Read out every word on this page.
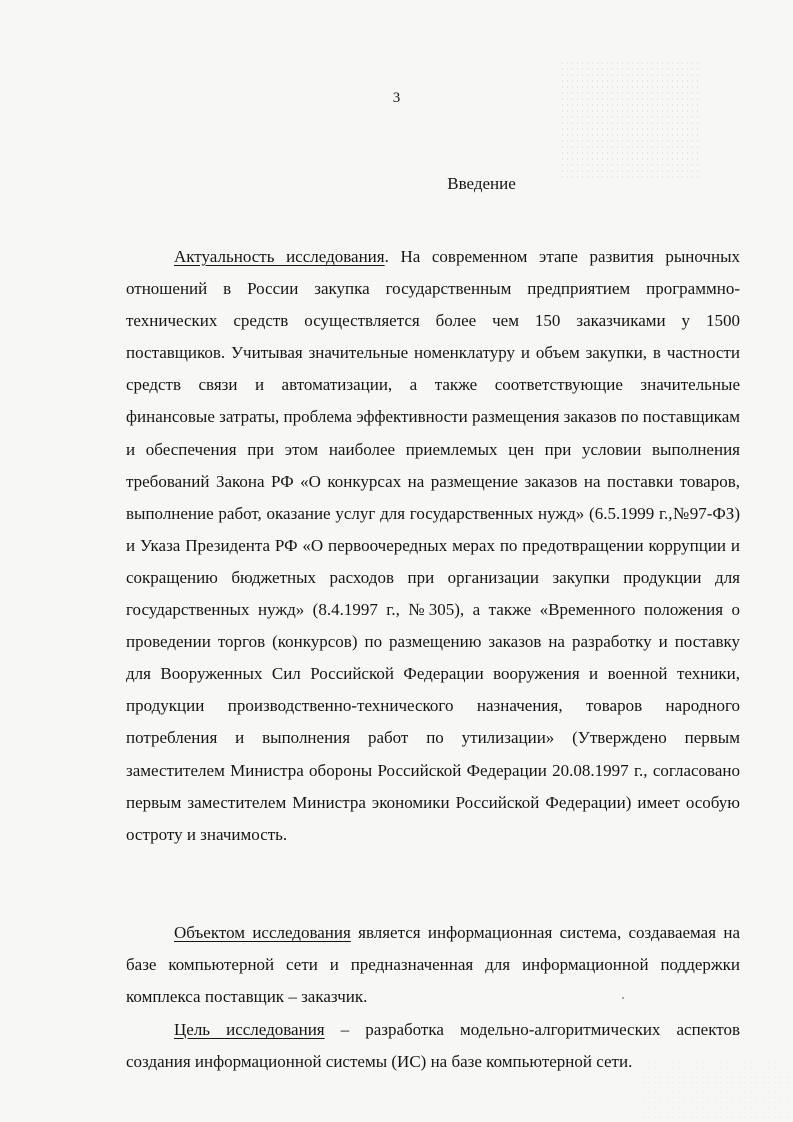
3
Введение

Актуальность исследования. На современном этапе развития рыночных отношений в России закупка государственным предприятием программно-технических средств осуществляется более чем 150 заказчиками у 1500 поставщиков. Учитывая значительные номенклатуру и объем закупки, в частности средств связи и автоматизации, а также соответствующие значительные финансовые затраты, проблема эффективности размещения заказов по поставщикам и обеспечения при этом наиболее приемлемых цен при условии выполнения требований Закона РФ «О конкурсах на размещение заказов на поставки товаров, выполнение работ, оказание услуг для государственных нужд» (6.5.1999 г.,№97-ФЗ) и Указа Президента РФ «О первоочередных мерах по предотвращении коррупции и сокращению бюджетных расходов при организации закупки продукции для государственных нужд» (8.4.1997 г., №305), а также «Временного положения о проведении торгов (конкурсов) по размещению заказов на разработку и поставку для Вооруженных Сил Российской Федерации вооружения и военной техники, продукции производственно-технического назначения, товаров народного потребления и выполнения работ по утилизации» (Утверждено первым заместителем Министра обороны Российской Федерации 20.08.1997 г., согласовано первым заместителем Министра экономики Российской Федерации) имеет особую остроту и значимость.

Объектом исследования является информационная система, создаваемая на базе компьютерной сети и предназначенная для информационной поддержки комплекса поставщик – заказчик.

Цель исследования – разработка модельно-алгоритмических аспектов создания информационной системы (ИС) на базе компьютерной сети.
